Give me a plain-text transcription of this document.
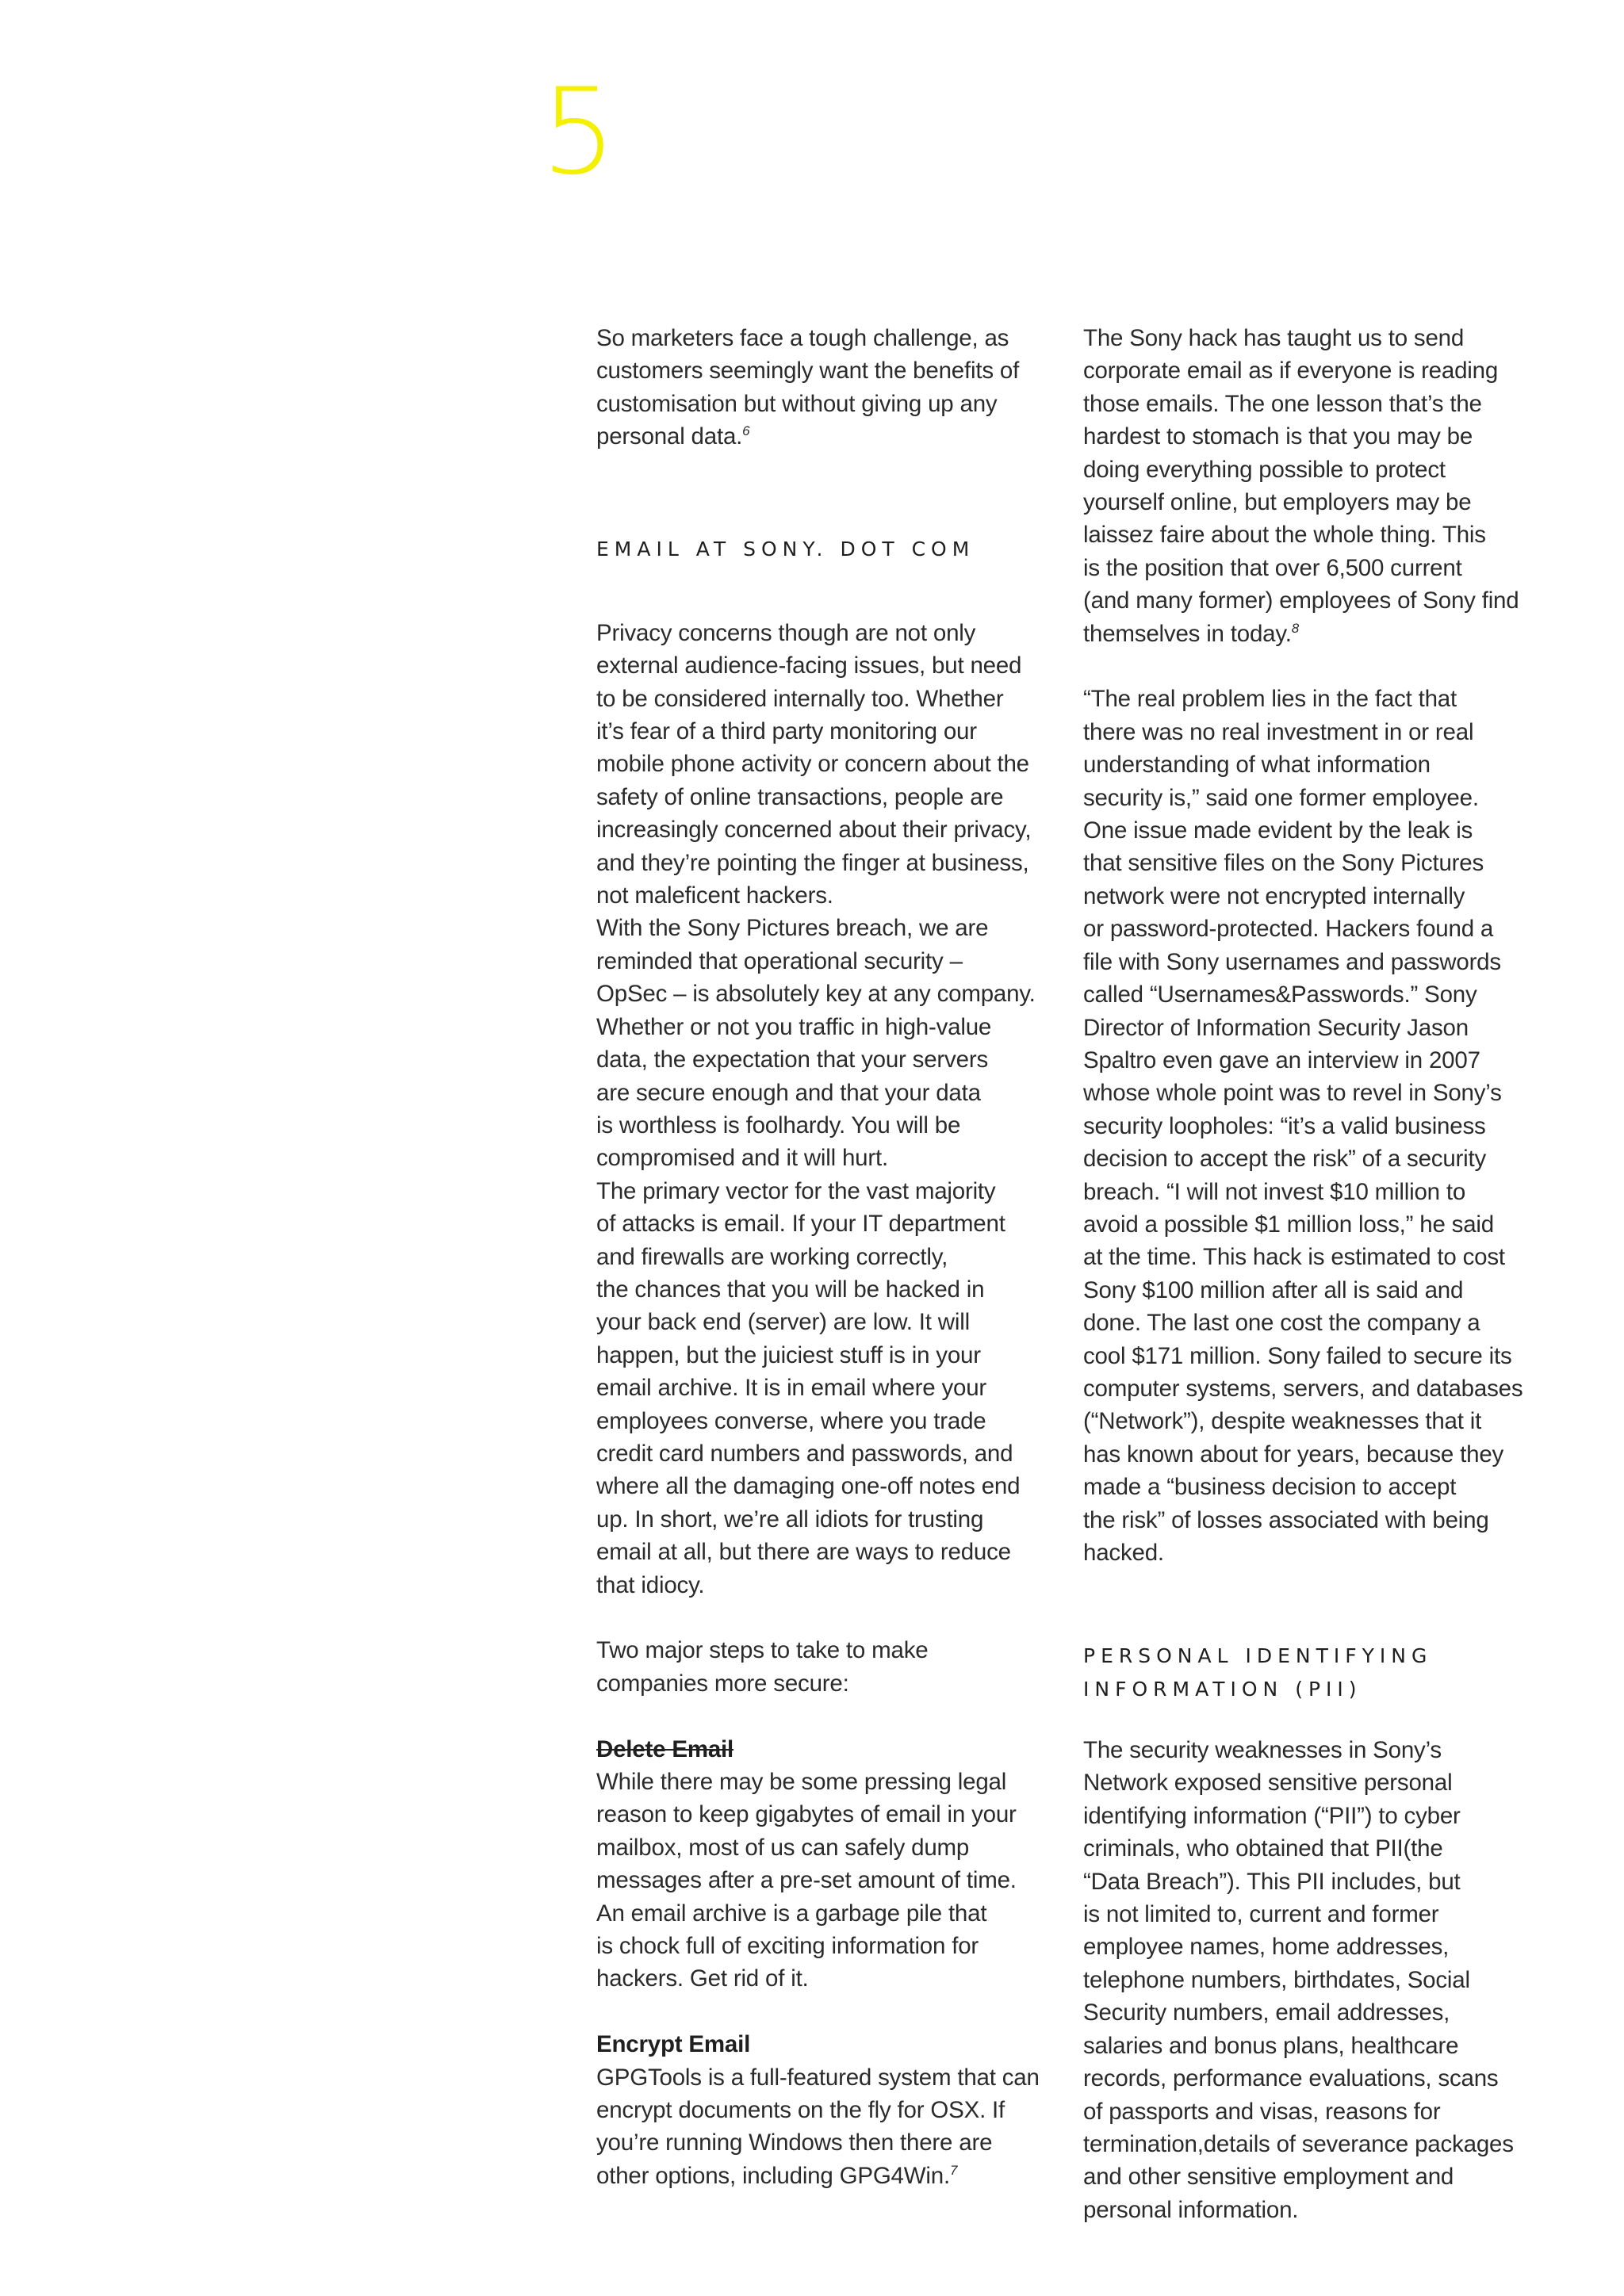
5

So marketers face a tough challenge, as

customers seemingly want the benefits of

customisation but without giving up any

personal data.$^6$

EMAIL AT SONY. DOT COM

Privacy concerns though are not only

external audience-facing issues, but need

to be considered internally too. Whether

it’s fear of a third party monitoring our

mobile phone activity or concern about the

safety of online transactions, people are

increasingly concerned about their privacy,

and they’re pointing the finger at business,

not maleficent hackers.

With the Sony Pictures breach, we are

reminded that operational security –

OpSec – is absolutely key at any company.

Whether or not you traffic in high-value

data, the expectation that your servers

are secure enough and that your data

is worthless is foolhardy. You will be

compromised and it will hurt.

The primary vector for the vast majority

of attacks is email. If your IT department

and firewalls are working correctly,

the chances that you will be hacked in

your back end (server) are low. It will

happen, but the juiciest stuff is in your

email archive. It is in email where your

employees converse, where you trade

credit card numbers and passwords, and

where all the damaging one-off notes end

up. In short, we’re all idiots for trusting

email at all, but there are ways to reduce

that idiocy.

Two major steps to take to make

companies more secure:

Delete Email

While there may be some pressing legal

reason to keep gigabytes of email in your

mailbox, most of us can safely dump

messages after a pre-set amount of time.

An email archive is a garbage pile that

is chock full of exciting information for

hackers. Get rid of it.

Encrypt Email

GPGTools is a full-featured system that can

encrypt documents on the fly for OSX. If

you’re running Windows then there are

other options, including GPG4Win.$^7$

The Sony hack has taught us to send

corporate email as if everyone is reading

those emails. The one lesson that’s the

hardest to stomach is that you may be

doing everything possible to protect

yourself online, but employers may be

laissez faire about the whole thing. This

is the position that over 6,500 current

(and many former) employees of Sony find

themselves in today.$^8$

“The real problem lies in the fact that

there was no real investment in or real

understanding of what information

security is,” said one former employee.

One issue made evident by the leak is

that sensitive files on the Sony Pictures

network were not encrypted internally

or password-protected. Hackers found a

file with Sony usernames and passwords

called “Usernames&Passwords.” Sony

Director of Information Security Jason

Spaltro even gave an interview in 2007

whose whole point was to revel in Sony’s

security loopholes: “it’s a valid business

decision to accept the risk” of a security

breach. “I will not invest $10 million to

avoid a possible $1 million loss,” he said

at the time. This hack is estimated to cost

Sony $100 million after all is said and

done. The last one cost the company a

cool $171 million. Sony failed to secure its

computer systems, servers, and databases

(“Network”), despite weaknesses that it

has known about for years, because they

made a “business decision to accept

the risk” of losses associated with being

hacked.

PERSONAL IDENTIFYING

INFORMATION (PII)

The security weaknesses in Sony’s

Network exposed sensitive personal

identifying information (“PII”) to cyber

criminals, who obtained that PII(the

“Data Breach”). This PII includes, but

is not limited to, current and former

employee names, home addresses,

telephone numbers, birthdates, Social

Security numbers, email addresses,

salaries and bonus plans, healthcare

records, performance evaluations, scans

of passports and visas, reasons for

termination,details of severance packages

and other sensitive employment and

personal information.
